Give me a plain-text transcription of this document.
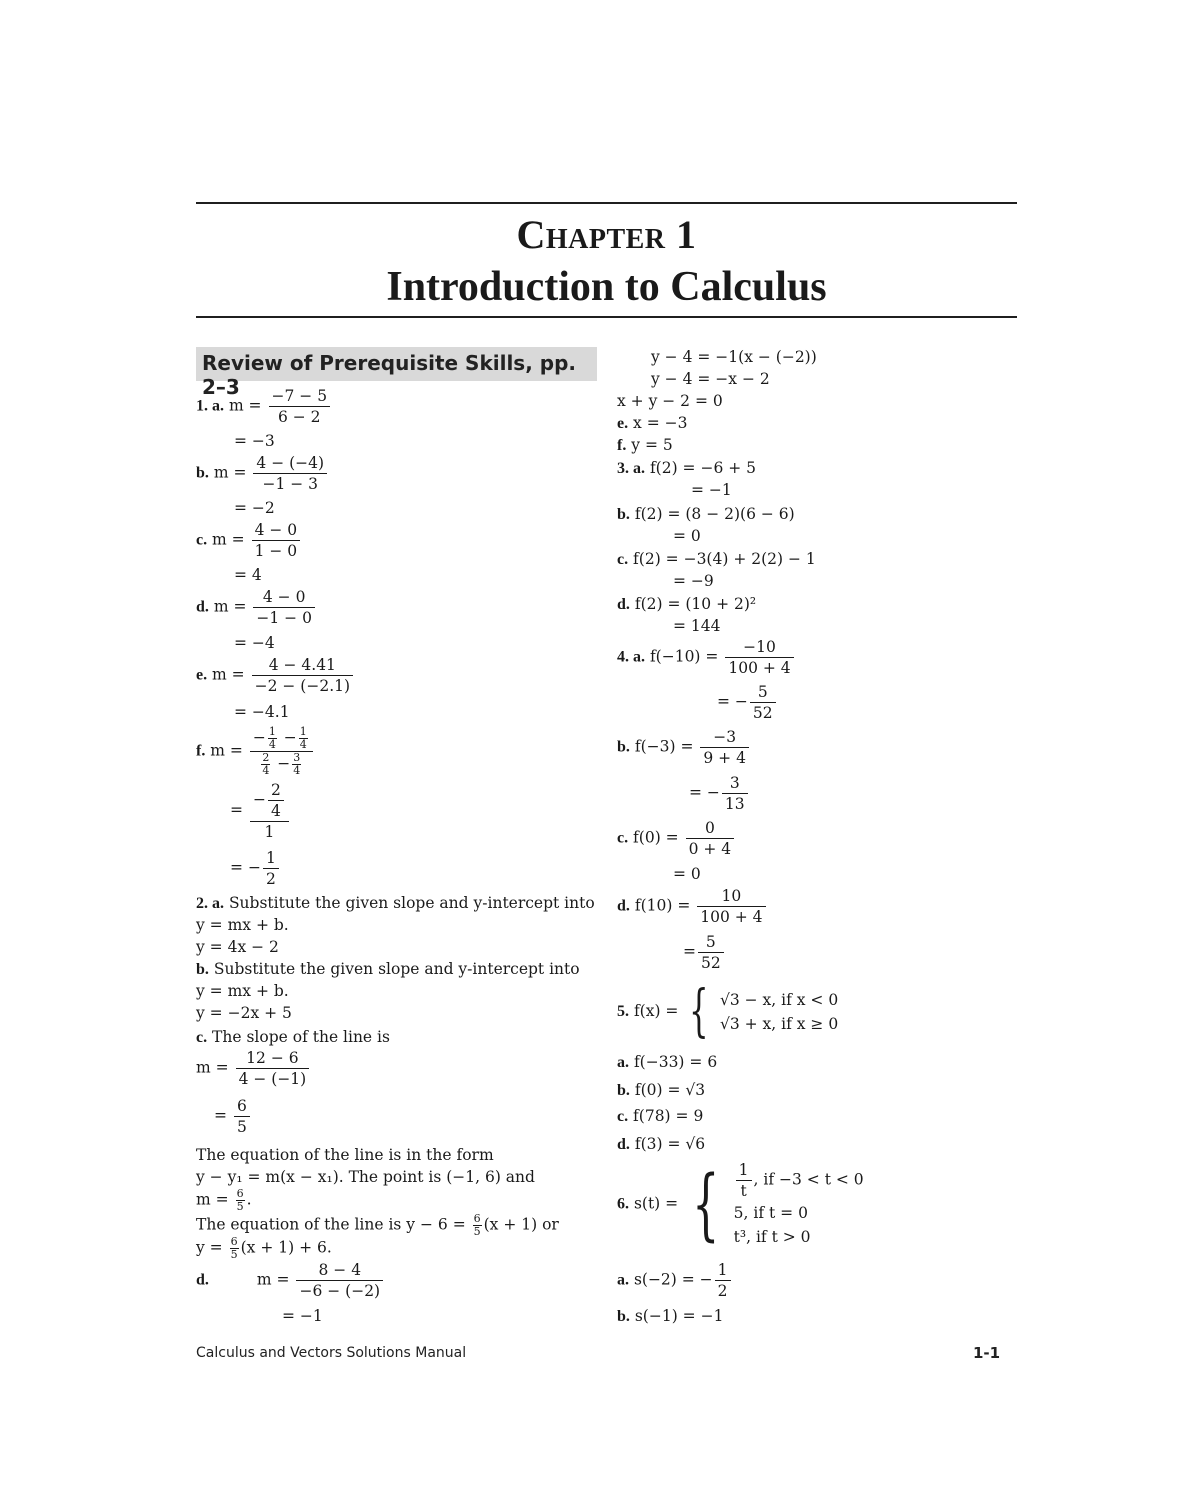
Chapter 1
Introduction to Calculus
Review of Prerequisite Skills, pp. 2–3
1. a. $m = \frac{-7 - 5}{6 - 2}$
= −3
b. $m = \frac{4 - (-4)}{-1 - 3}$
= −2
c. $m = \frac{4 - 0}{1 - 0}$
= 4
d. $m = \frac{4 - 0}{-1 - 0}$
= −4
e. $m = \frac{4 - 4.41}{-2 - (-2.1)}$
= −4.1
f. $m = \frac{- \frac{1}{4} - \frac{1}{4}}{\frac{2}{4} - \frac{3}{4}}$
= $\frac{- \frac{2}{4}}{1}$
= − $\frac{1}{2}$
2. a. Substitute the given slope and y-intercept into
y = mx + b.
y = 4x − 2
b. Substitute the given slope and y-intercept into
y = mx + b.
y = −2x + 5
c. The slope of the line is
$m = \frac{12 - 6}{4 - (-1)}$
= $\frac{6}{5}$
The equation of the line is in the form
y − y₁ = m(x − x₁). The point is (−1, 6) and
$m = \frac{6}{5}$ .
The equation of the line is $y - 6 = \frac{6}{5} (x + 1)$ or
$y = \frac{6}{5} (x + 1) + 6$.
d.	$m = \frac{8 - 4}{-6 - (-2)}$
= −1
y − 4 = −1(x − (−2))
y − 4 = −x − 2
x + y − 2 = 0
e. x = −3
f. y = 5
3. a. f(2) = −6 + 5
= −1
b. f(2) = (8 − 2)(6 − 6)
= 0
c. f(2) = −3(4) + 2(2) − 1
= −9
d. f(2) = (10 + 2)²
= 144
4. a. $f(-10) = \frac{-10}{100 + 4}$
= − $\frac{5}{52}$
b. $f(-3) = \frac{-3}{9 + 4}$
= − $\frac{3}{13}$
c. $f(0) = \frac{0}{0 + 4}$
= 0
d. $f(10) = \frac{10}{100 + 4}$
= $\frac{5}{52}$
5. f(x) = { √3 − x, if x < 0
√3 + x, if x ≥ 0
a. f(−33) = 6
b. f(0) = √3
c. f(78) = 9
d. f(3) = √6
6. s(t) = { $\frac{1}{t}$ , if −3 < t < 0
5, if t = 0
t³, if t > 0
a. s(−2) = − $\frac{1}{2}$
b. s(−1) = −1
Calculus and Vectors Solutions Manual	1-1
